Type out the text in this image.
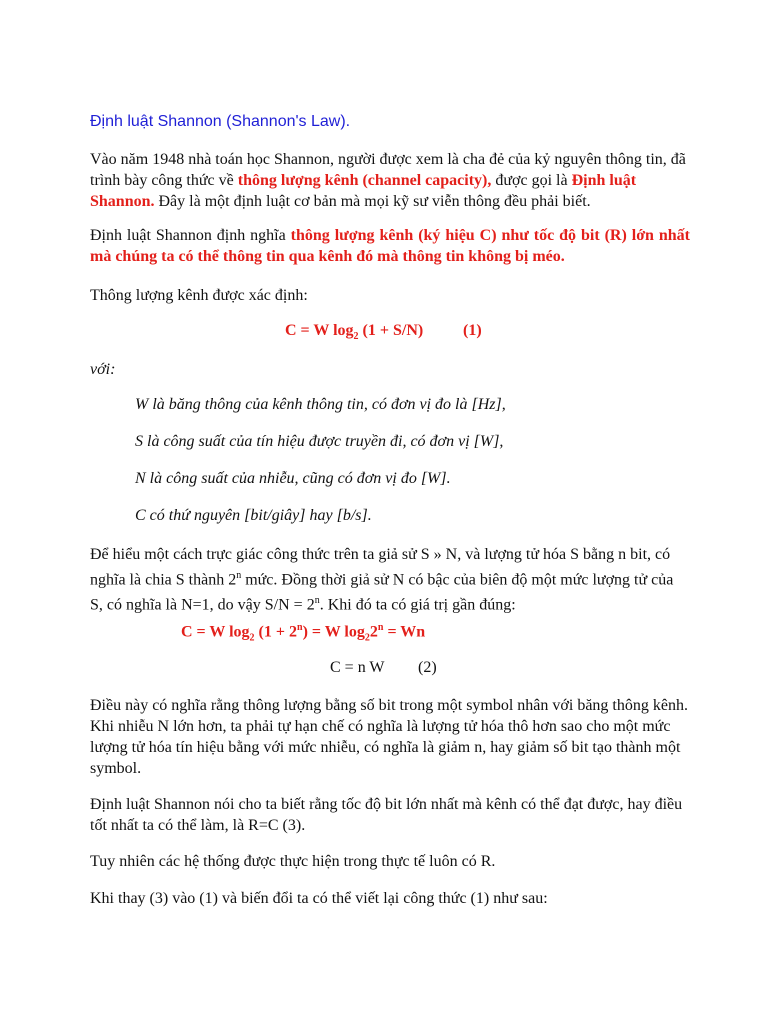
Định luật Shannon (Shannon's Law).

Vào năm 1948 nhà toán học Shannon, người được xem là cha đẻ của kỷ nguyên thông tin, đã trình bày công thức về thông lượng kênh (channel capacity), được gọi là Định luật Shannon. Đây là một định luật cơ bản mà mọi kỹ sư viễn thông đều phải biết.

Định luật Shannon định nghĩa thông lượng kênh (ký hiệu C) như tốc độ bit (R) lớn nhất mà chúng ta có thể thông tin qua kênh đó mà thông tin không bị méo.

Thông lượng kênh được xác định:

C = W $\log_2 (1 + S/N)$ (1)

với:

W là băng thông của kênh thông tin, có đơn vị đo là [Hz],

S là công suất của tín hiệu được truyền đi, có đơn vị [W],

N là công suất của nhiễu, cũng có đơn vị đo [W].

C có thứ nguyên [bit/giây] hay [b/s].

Để hiểu một cách trực giác công thức trên ta giả sử S » N, và lượng tử hóa S bằng n bit, có nghĩa là chia S thành 2$^n$ mức. Đồng thời giả sử N có bậc của biên độ một mức lượng tử của S, có nghĩa là N=1, do vậy $S/N = 2^n$. Khi đó ta có giá trị gần đúng:

C = W $\log_2 (1 + 2^n) = W$ $\log_22^n = Wn$

C = n W (2)

Điều này có nghĩa rằng thông lượng bằng số bit trong một symbol nhân với băng thông kênh. Khi nhiễu N lớn hơn, ta phải tự hạn chế có nghĩa là lượng tử hóa thô hơn sao cho một mức lượng tử hóa tín hiệu bằng với mức nhiễu, có nghĩa là giảm n, hay giảm số bit tạo thành một symbol.

Định luật Shannon nói cho ta biết rằng tốc độ bit lớn nhất mà kênh có thể đạt được, hay điều tốt nhất ta có thể làm, là R=C (3).

Tuy nhiên các hệ thống được thực hiện trong thực tế luôn có R.

Khi thay (3) vào (1) và biến đổi ta có thể viết lại công thức (1) như sau:
